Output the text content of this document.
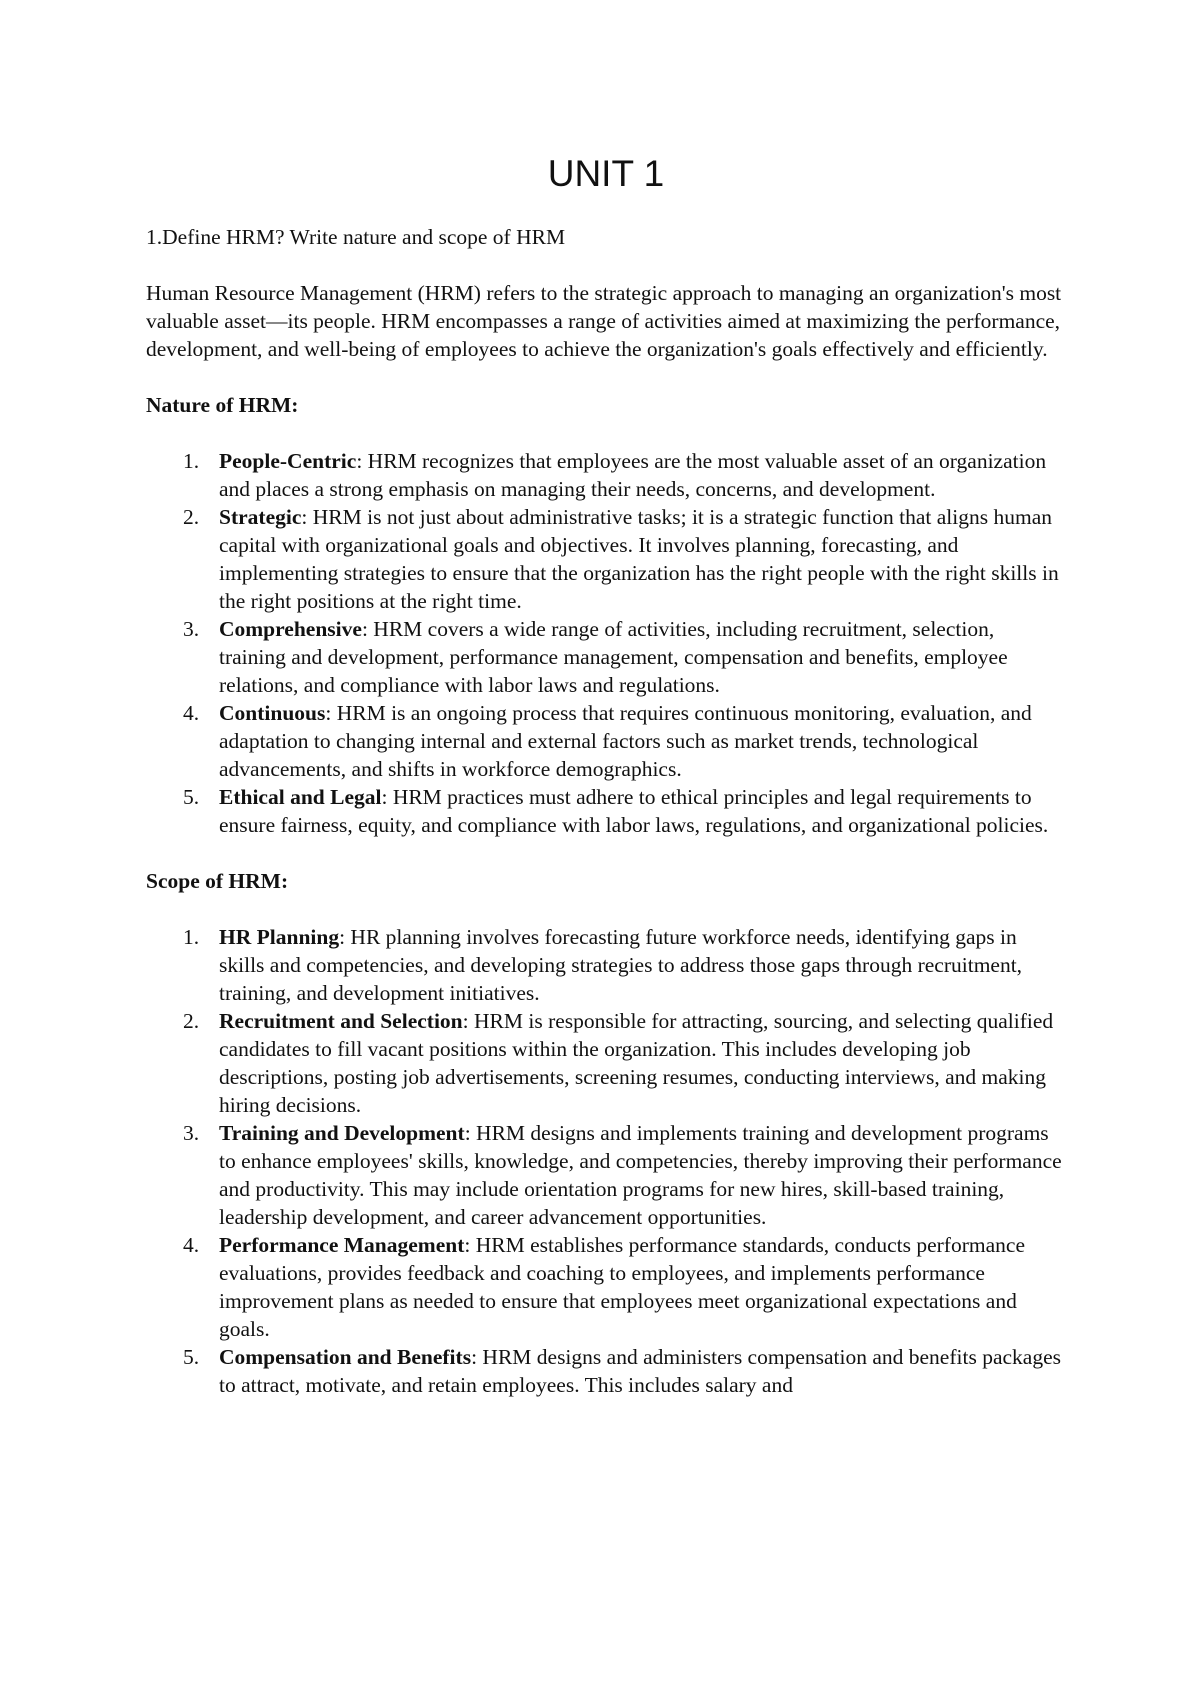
UNIT 1

1.Define HRM? Write nature and scope of HRM

Human Resource Management (HRM) refers to the strategic approach to managing an organization's most valuable asset—its people. HRM encompasses a range of activities aimed at maximizing the performance, development, and well-being of employees to achieve the organization's goals effectively and efficiently.

Nature of HRM:

1. People-Centric: HRM recognizes that employees are the most valuable asset of an organization and places a strong emphasis on managing their needs, concerns, and development.
2. Strategic: HRM is not just about administrative tasks; it is a strategic function that aligns human capital with organizational goals and objectives. It involves planning, forecasting, and implementing strategies to ensure that the organization has the right people with the right skills in the right positions at the right time.
3. Comprehensive: HRM covers a wide range of activities, including recruitment, selection, training and development, performance management, compensation and benefits, employee relations, and compliance with labor laws and regulations.
4. Continuous: HRM is an ongoing process that requires continuous monitoring, evaluation, and adaptation to changing internal and external factors such as market trends, technological advancements, and shifts in workforce demographics.
5. Ethical and Legal: HRM practices must adhere to ethical principles and legal requirements to ensure fairness, equity, and compliance with labor laws, regulations, and organizational policies.

Scope of HRM:

1. HR Planning: HR planning involves forecasting future workforce needs, identifying gaps in skills and competencies, and developing strategies to address those gaps through recruitment, training, and development initiatives.
2. Recruitment and Selection: HRM is responsible for attracting, sourcing, and selecting qualified candidates to fill vacant positions within the organization. This includes developing job descriptions, posting job advertisements, screening resumes, conducting interviews, and making hiring decisions.
3. Training and Development: HRM designs and implements training and development programs to enhance employees' skills, knowledge, and competencies, thereby improving their performance and productivity. This may include orientation programs for new hires, skill-based training, leadership development, and career advancement opportunities.
4. Performance Management: HRM establishes performance standards, conducts performance evaluations, provides feedback and coaching to employees, and implements performance improvement plans as needed to ensure that employees meet organizational expectations and goals.
5. Compensation and Benefits: HRM designs and administers compensation and benefits packages to attract, motivate, and retain employees. This includes salary and
